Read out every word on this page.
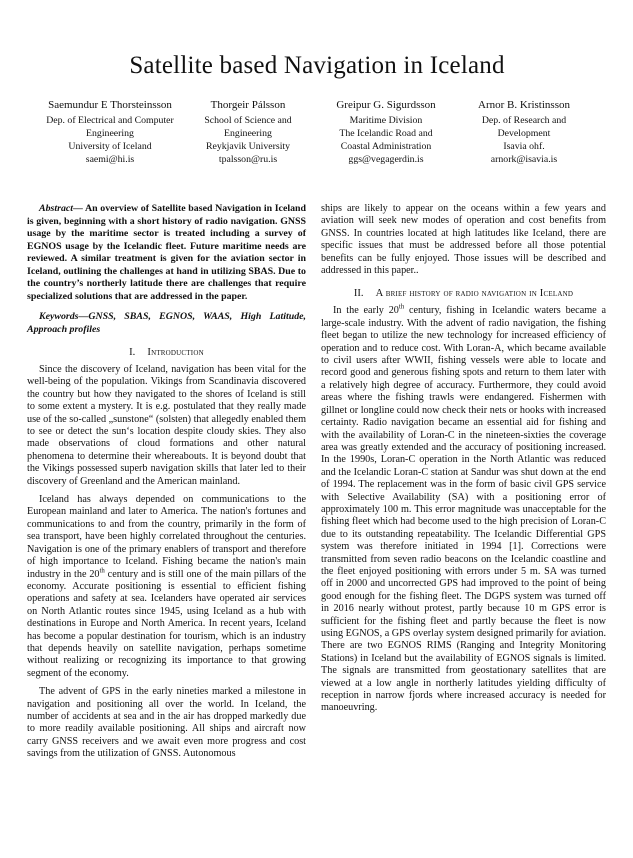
Satellite based Navigation in Iceland
Saemundur E Thorsteinsson
Dep. of Electrical and Computer
Engineering
University of Iceland
saemi@hi.is
Thorgeir Pálsson
School of Science and
Engineering
Reykjavik University
tpalsson@ru.is
Greipur G. Sigurdsson
Maritime Division
The Icelandic Road and
Coastal Administration
ggs@vegagerdin.is
Arnor B. Kristinsson
Dep. of Research and
Development
Isavia ohf.
arnork@isavia.is

Abstract— An overview of Satellite based Navigation in Iceland is given, beginning with a short history of radio navigation. GNSS usage by the maritime sector is treated including a survey of EGNOS usage by the Icelandic fleet. Future maritime needs are reviewed. A similar treatment is given for the aviation sector in Iceland, outlining the challenges at hand in utilizing SBAS. Due to the country’s northerly latitude there are challenges that require specialized solutions that are addressed in the paper.

Keywords—GNSS, SBAS, EGNOS, WAAS, High Latitude, Approach profiles

I. Introduction

Since the discovery of Iceland, navigation has been vital for the well-being of the population. Vikings from Scandinavia discovered the country but how they navigated to the shores of Iceland is still to some extent a mystery. It is e.g. postulated that they really made use of the so-called „sunstone“ (solsten) that allegedly enabled them to see or detect the sun‘s location despite cloudy skies. They also made observations of cloud formations and other natural phenomena to determine their whereabouts. It is beyond doubt that the Vikings possessed superb navigation skills that later led to their discovery of Greenland and the American mainland.

Iceland has always depended on communications to the European mainland and later to America. The nation's fortunes and communications to and from the country, primarily in the form of sea transport, have been highly correlated throughout the centuries. Navigation is one of the primary enablers of transport and therefore of high importance to Iceland. Fishing became the nation's main industry in the 20th century and is still one of the main pillars of the economy. Accurate positioning is essential to efficient fishing operations and safety at sea. Icelanders have operated air services on North Atlantic routes since 1945, using Iceland as a hub with destinations in Europe and North America. In recent years, Iceland has become a popular destination for tourism, which is an industry that depends heavily on satellite navigation, perhaps sometime without realizing or recognizing its importance to that growing segment of the economy.

The advent of GPS in the early nineties marked a milestone in navigation and positioning all over the world. In Iceland, the number of accidents at sea and in the air has dropped markedly due to more readily available positioning. All ships and aircraft now carry GNSS receivers and we await even more progress and cost savings from the utilization of GNSS. Autonomous

ships are likely to appear on the oceans within a few years and aviation will seek new modes of operation and cost benefits from GNSS. In countries located at high latitudes like Iceland, there are specific issues that must be addressed before all those potential benefits can be fully enjoyed. Those issues will be described and addressed in this paper..

II. A brief history of radio navigation in Iceland

In the early 20th century, fishing in Icelandic waters became a large-scale industry. With the advent of radio navigation, the fishing fleet began to utilize the new technology for increased efficiency of operation and to reduce cost. With Loran-A, which became available to civil users after WWII, fishing vessels were able to locate and record good and generous fishing spots and return to them later with a relatively high degree of accuracy. Furthermore, they could avoid areas where the fishing trawls were endangered. Fishermen with gillnet or longline could now check their nets or hooks with increased certainty. Radio navigation became an essential aid for fishing and with the availability of Loran-C in the nineteen-sixties the coverage area was greatly extended and the accuracy of positioning increased. In the 1990s, Loran-C operation in the North Atlantic was reduced and the Icelandic Loran-C station at Sandur was shut down at the end of 1994. The replacement was in the form of basic civil GPS service with Selective Availability (SA) with a positioning error of approximately 100 m. This error magnitude was unacceptable for the fishing fleet which had become used to the high precision of Loran-C due to its outstanding repeatability. The Icelandic Differential GPS system was therefore initiated in 1994 [1]. Corrections were transmitted from seven radio beacons on the Icelandic coastline and the fleet enjoyed positioning with errors under 5 m. SA was turned off in 2000 and uncorrected GPS had improved to the point of being good enough for the fishing fleet. The DGPS system was turned off in 2016 nearly without protest, partly because 10 m GPS error is sufficient for the fishing fleet and partly because the fleet is now using EGNOS, a GPS overlay system designed primarily for aviation. There are two EGNOS RIMS (Ranging and Integrity Monitoring Stations) in Iceland but the availability of EGNOS signals is limited. The signals are transmitted from geostationary satellites that are viewed at a low angle in northerly latitudes yielding difficulty of reception in narrow fjords where increased accuracy is needed for manoeuvring.
